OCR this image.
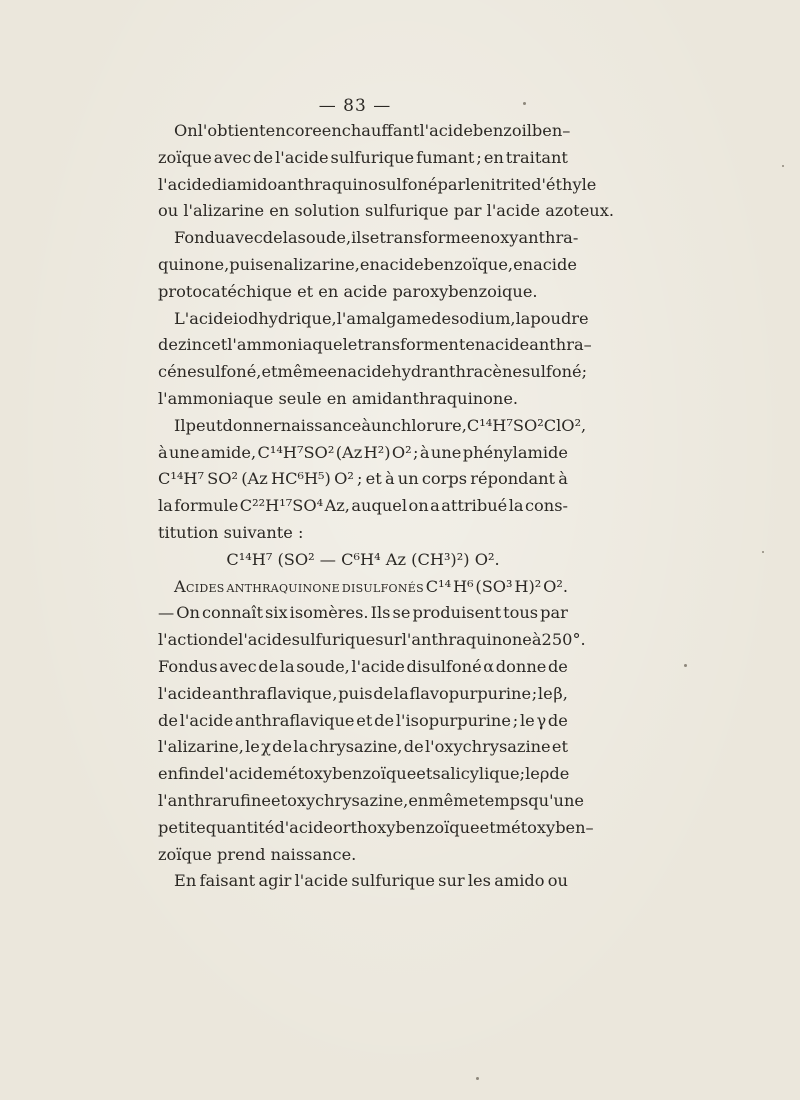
— 83 —
On l'obtient encore en chauffant l'acide benzoilben–
zoïque avec de l'acide sulfurique fumant ; en traitant
l'acide diamidoanthraquinosulfoné par le nitrite d'éthyle
ou l'alizarine en solution sulfurique par l'acide azoteux.
Fondu avec de la soude, il se transforme en oxyanthra-
quinone, puis en alizarine, en acide benzoïque, en acide
protocatéchique et en acide paroxybenzoique.
L'acide iodhydrique, l'amalgame de sodium, la poudre
de zinc et l'ammoniaque le transforment en acide anthra–
cénesulfoné, et même en acide hydranthracène sulfoné ;
l'ammoniaque seule en amidanthraquinone.
Il peut donner naissance à un chlorure, C¹⁴ H⁷ SO²Cl O²,
à une amide, C¹⁴H⁷SO² (Az H²) O² ; à une phénylamide
C¹⁴H⁷ SO² (Az HC⁶H⁵) O² ; et à un corps répondant à
la formule C²²H¹⁷SO⁴ Az, auquel on a attribué la cons-
titution suivante :
C¹⁴H⁷ (SO² — C⁶H⁴ Az (CH³)²) O².
Acides anthraquinone disulfonés C¹⁴ H⁶ (SO³ H)² O².
— On connaît six isomères. Ils se produisent tous par
l'action de l'acide sulfurique sur l'anthraquinone à 250°.
Fondus avec de la soude, l'acide disulfoné α donne de
l'acide anthraflavique , puis de la flavopurpurine ; le β,
de l'acide anthraflavique et de l'isopurpurine ; le γ de
l'alizarine, le χ de la chrysazine, de l'oxychrysazine et
enfin de l'acide métoxybenzoïque et salicylique ; le ρ de
l'anthrarufine et oxychrysazine, en même temps qu'une
petite quantité d'acide orthoxybenzoïque et métoxyben–
zoïque prend naissance.
En faisant agir l'acide sulfurique sur les amido ou
